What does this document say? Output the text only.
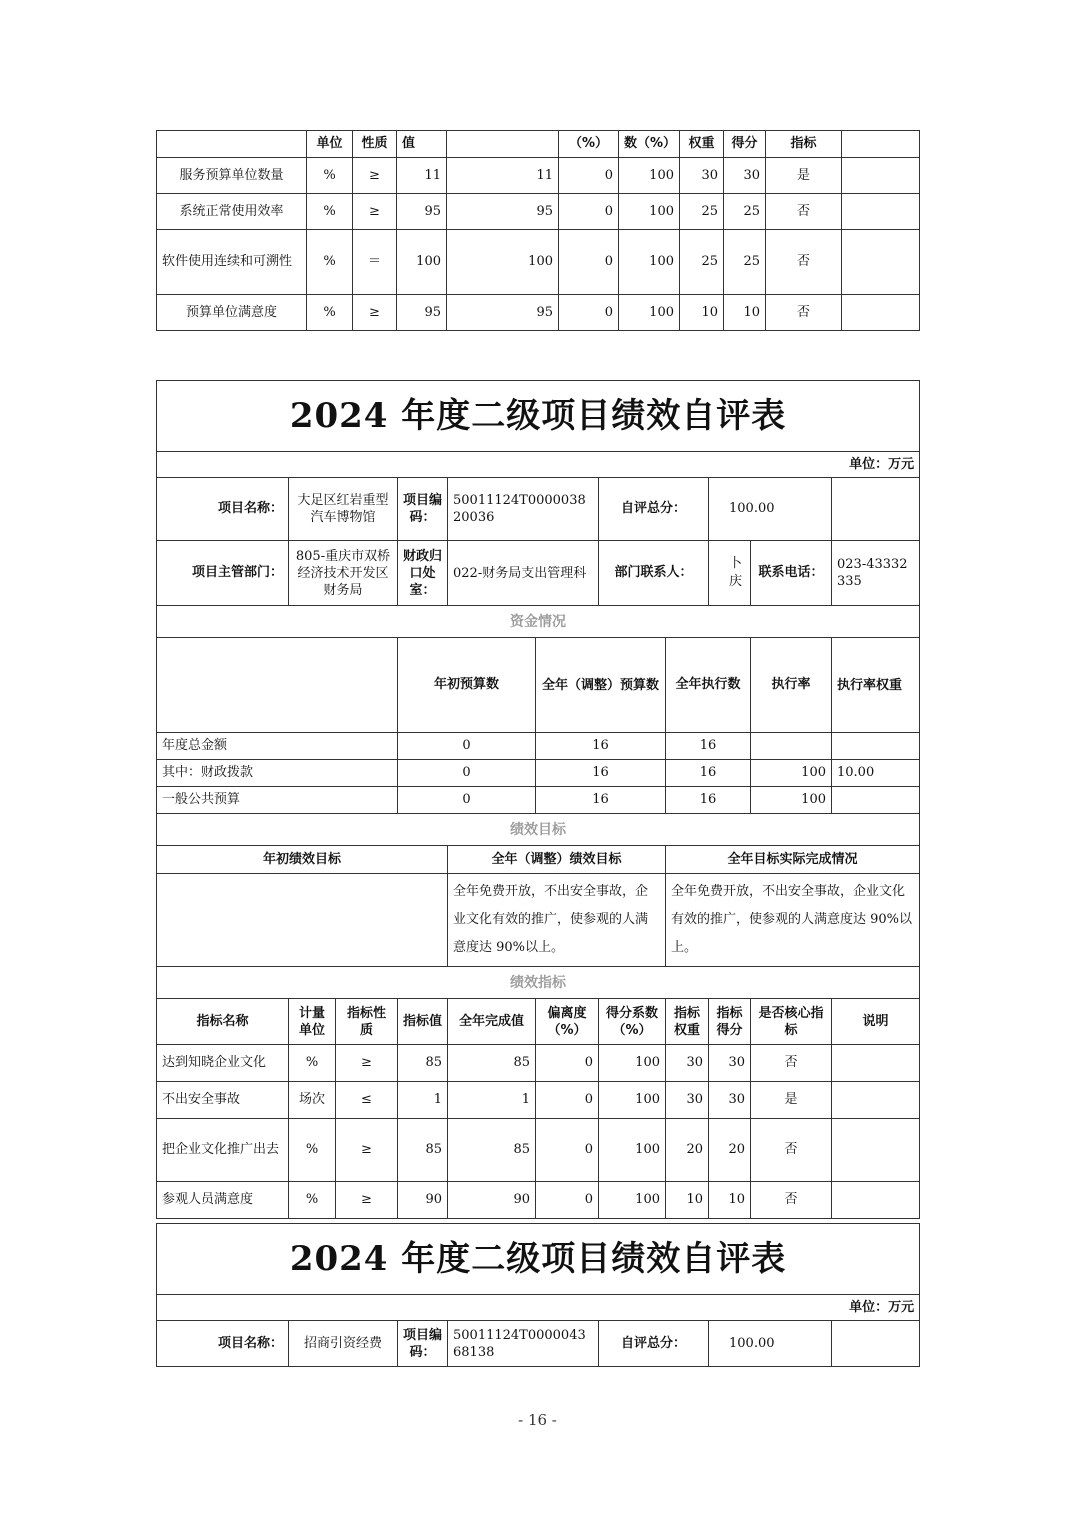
	单位	性质	值		（%）	数（%）	权重	得分	指标	
服务预算单位数量	%	≥	11	11	0	100	30	30	是	
系统正常使用效率	%	≥	95	95	0	100	25	25	否	
软件使用连续和可溯性	%	＝	100	100	0	100	25	25	否	
预算单位满意度	%	≥	95	95	0	100	10	10	否	
2024 年度二级项目绩效自评表											
单位：万元											
项目名称：	大足区红岩重型汽车博物馆		项目编码：	50011124T000003820036		自评总分：		100.00			
项目主管部门：	805-重庆市双桥经济技术开发区财务局		财政归口处室：	022-财务局支出管理科		部门联系人：		卜庆	联系电话：	023-43332335	
资金情况											
			年初预算数		全年（调整）预算数		全年执行数		执行率	执行率权重	
年度总金额			0		16		16				
其中：财政拨款			0		16		16		100	10.00	
一般公共预算			0		16		16		100		
绩效目标											
年初绩效目标				全年（调整）绩效目标			全年目标实际完成情况				
				全年免费开放，不出安全事故，企业文化有效的推广，使参观的人满意度达 90%以上。			全年免费开放，不出安全事故，企业文化有效的推广，使参观的人满意度达 90%以上。				
绩效指标											
指标名称	计量单位	指标性质	指标值	全年完成值	偏离度（%）	得分系数（%）	指标权重	指标得分	是否核心指标	说明	
达到知晓企业文化	%	≥	85	85	0	100	30	30	否		
不出安全事故	场次	≤	1	1	0	100	30	30	是		
把企业文化推广出去	%	≥	85	85	0	100	20	20	否		
参观人员满意度	%	≥	90	90	0	100	10	10	否		
2024 年度二级项目绩效自评表
单位：万元
项目名称：	招商引资经费	项目编码：	50011124T000004368138	自评总分：	100.00	
- 16 -
